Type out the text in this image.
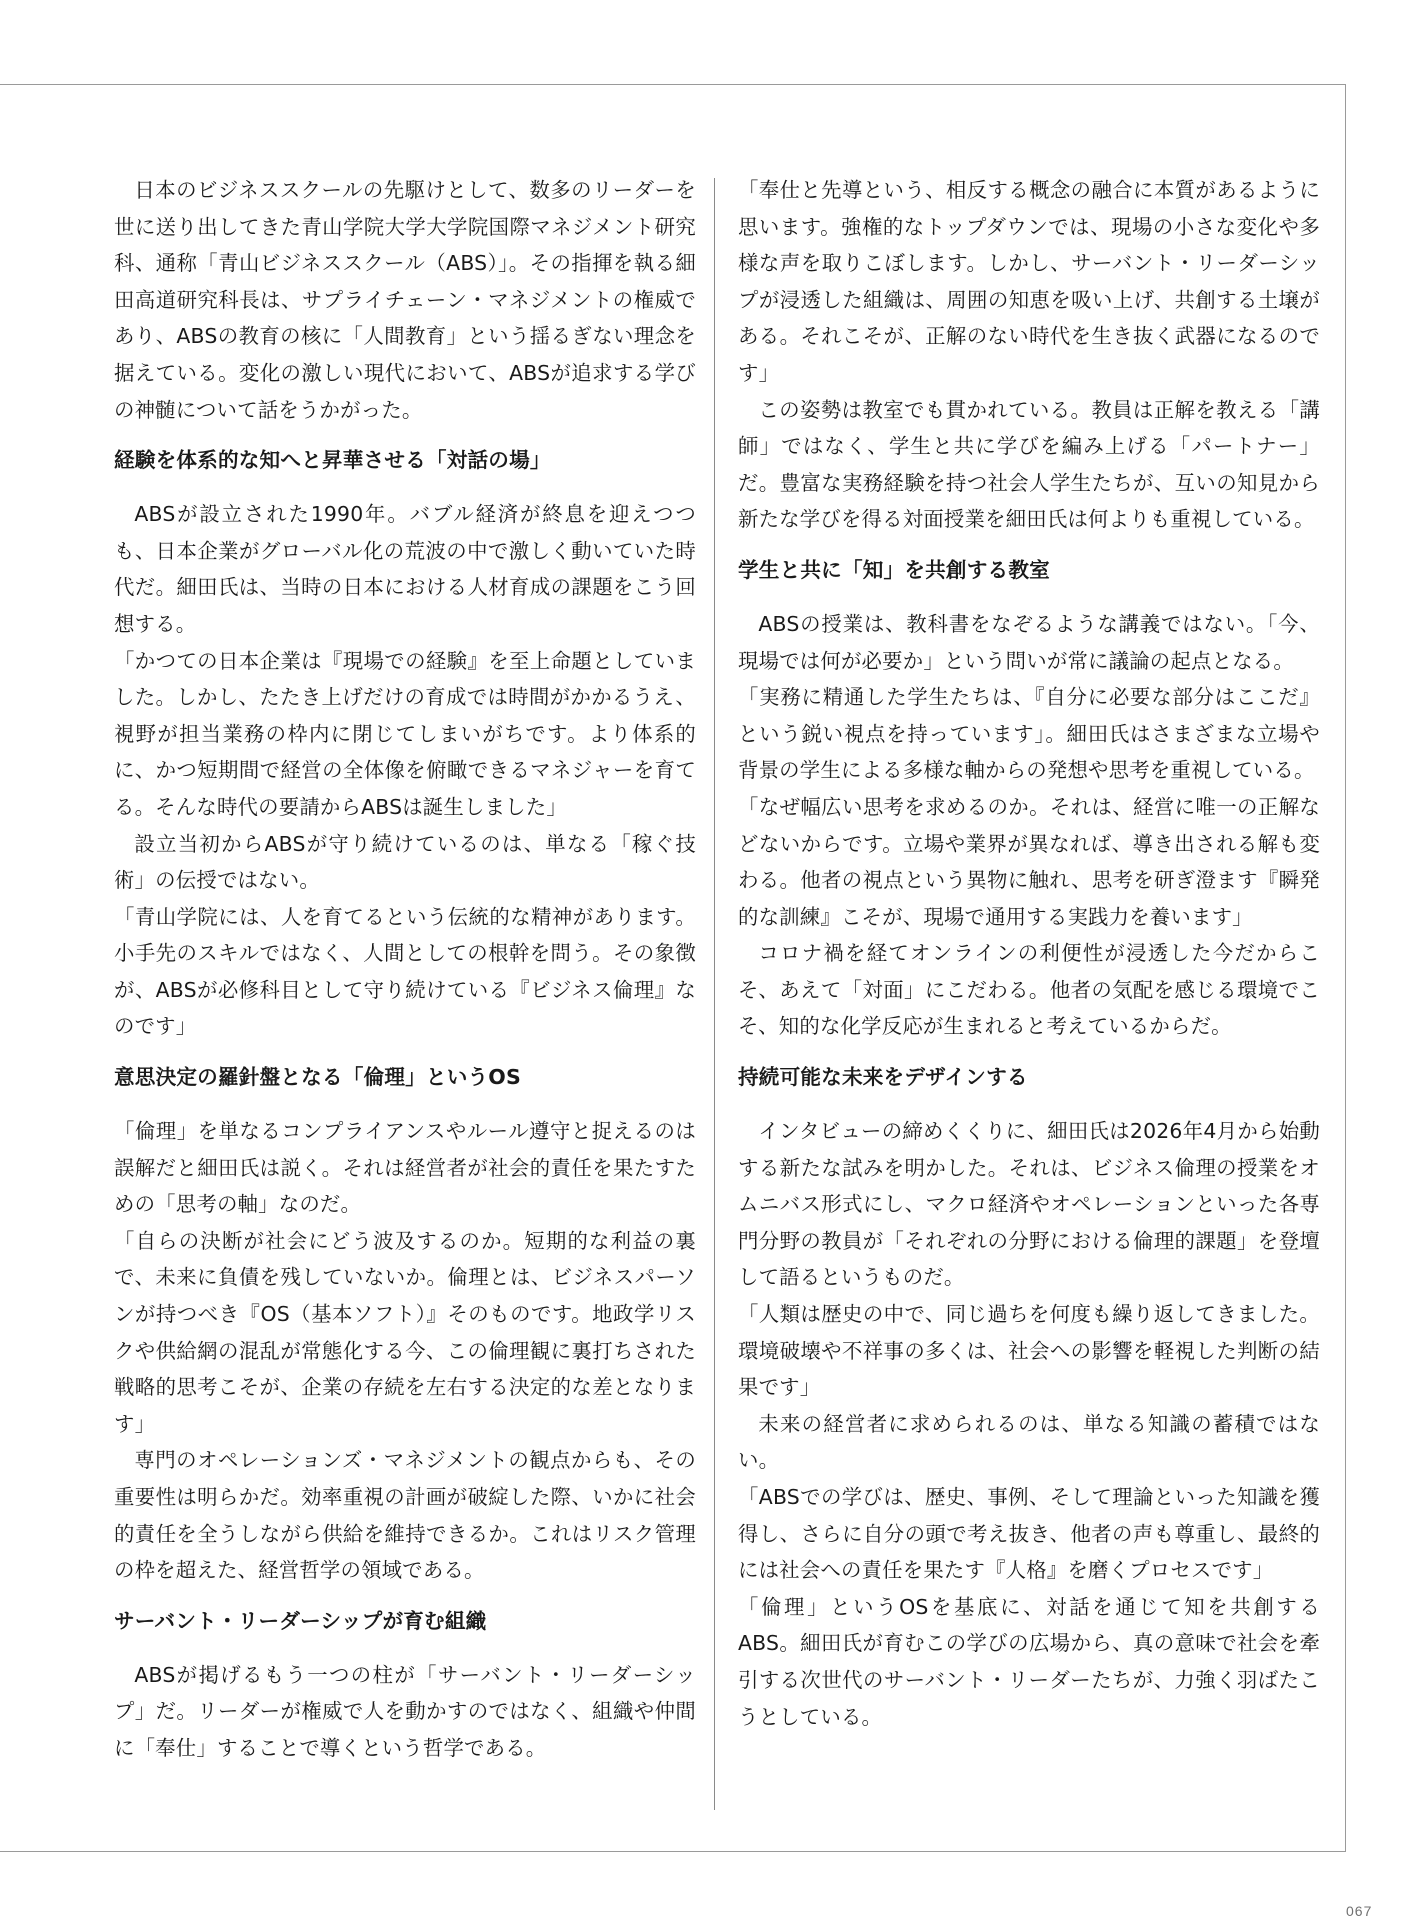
日本のビジネススクールの先駆けとして、数多のリーダーを世に送り出してきた青山学院大学大学院国際マネジメント研究科、通称「青山ビジネススクール（ABS）」。その指揮を執る細田高道研究科長は、サプライチェーン・マネジメントの権威であり、ABSの教育の核に「人間教育」という揺るぎない理念を据えている。変化の激しい現代において、ABSが追求する学びの神髄について話をうかがった。

経験を体系的な知へと昇華させる「対話の場」

ABSが設立された1990年。バブル経済が終息を迎えつつも、日本企業がグローバル化の荒波の中で激しく動いていた時代だ。細田氏は、当時の日本における人材育成の課題をこう回想する。

「かつての日本企業は『現場での経験』を至上命題としていました。しかし、たたき上げだけの育成では時間がかかるうえ、視野が担当業務の枠内に閉じてしまいがちです。より体系的に、かつ短期間で経営の全体像を俯瞰できるマネジャーを育てる。そんな時代の要請からABSは誕生しました」

設立当初からABSが守り続けているのは、単なる「稼ぐ技術」の伝授ではない。

「青山学院には、人を育てるという伝統的な精神があります。小手先のスキルではなく、人間としての根幹を問う。その象徴が、ABSが必修科目として守り続けている『ビジネス倫理』なのです」

意思決定の羅針盤となる「倫理」というOS

「倫理」を単なるコンプライアンスやルール遵守と捉えるのは誤解だと細田氏は説く。それは経営者が社会的責任を果たすための「思考の軸」なのだ。

「自らの決断が社会にどう波及するのか。短期的な利益の裏で、未来に負債を残していないか。倫理とは、ビジネスパーソンが持つべき『OS（基本ソフト）』そのものです。地政学リスクや供給網の混乱が常態化する今、この倫理観に裏打ちされた戦略的思考こそが、企業の存続を左右する決定的な差となります」

専門のオペレーションズ・マネジメントの観点からも、その重要性は明らかだ。効率重視の計画が破綻した際、いかに社会的責任を全うしながら供給を維持できるか。これはリスク管理の枠を超えた、経営哲学の領域である。

サーバント・リーダーシップが育む組織

ABSが掲げるもう一つの柱が「サーバント・リーダーシップ」だ。リーダーが権威で人を動かすのではなく、組織や仲間に「奉仕」することで導くという哲学である。

「奉仕と先導という、相反する概念の融合に本質があるように思います。強権的なトップダウンでは、現場の小さな変化や多様な声を取りこぼします。しかし、サーバント・リーダーシップが浸透した組織は、周囲の知恵を吸い上げ、共創する土壌がある。それこそが、正解のない時代を生き抜く武器になるのです」

この姿勢は教室でも貫かれている。教員は正解を教える「講師」ではなく、学生と共に学びを編み上げる「パートナー」だ。豊富な実務経験を持つ社会人学生たちが、互いの知見から新たな学びを得る対面授業を細田氏は何よりも重視している。

学生と共に「知」を共創する教室

ABSの授業は、教科書をなぞるような講義ではない。「今、現場では何が必要か」という問いが常に議論の起点となる。

「実務に精通した学生たちは、『自分に必要な部分はここだ』という鋭い視点を持っています」。細田氏はさまざまな立場や背景の学生による多様な軸からの発想や思考を重視している。

「なぜ幅広い思考を求めるのか。それは、経営に唯一の正解などないからです。立場や業界が異なれば、導き出される解も変わる。他者の視点という異物に触れ、思考を研ぎ澄ます『瞬発的な訓練』こそが、現場で通用する実践力を養います」

コロナ禍を経てオンラインの利便性が浸透した今だからこそ、あえて「対面」にこだわる。他者の気配を感じる環境でこそ、知的な化学反応が生まれると考えているからだ。

持続可能な未来をデザインする

インタビューの締めくくりに、細田氏は2026年4月から始動する新たな試みを明かした。それは、ビジネス倫理の授業をオムニバス形式にし、マクロ経済やオペレーションといった各専門分野の教員が「それぞれの分野における倫理的課題」を登壇して語るというものだ。

「人類は歴史の中で、同じ過ちを何度も繰り返してきました。環境破壊や不祥事の多くは、社会への影響を軽視した判断の結果です」

未来の経営者に求められるのは、単なる知識の蓄積ではない。

「ABSでの学びは、歴史、事例、そして理論といった知識を獲得し、さらに自分の頭で考え抜き、他者の声も尊重し、最終的には社会への責任を果たす『人格』を磨くプロセスです」

「倫理」というOSを基底に、対話を通じて知を共創するABS。細田氏が育むこの学びの広場から、真の意味で社会を牽引する次世代のサーバント・リーダーたちが、力強く羽ばたこうとしている。

067
